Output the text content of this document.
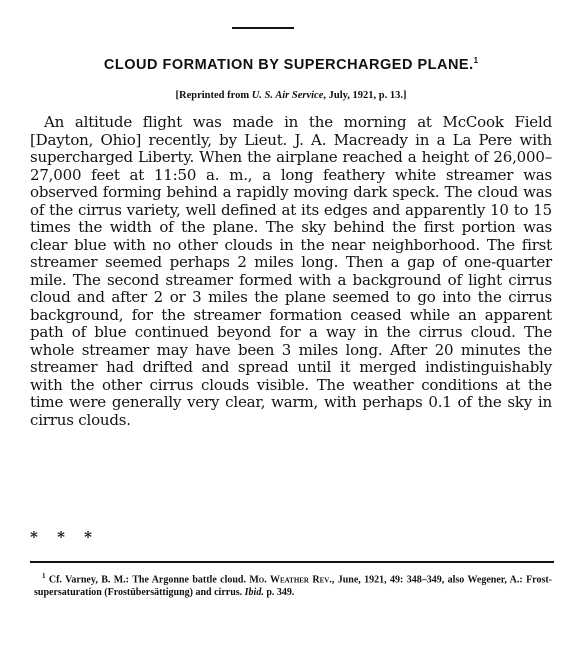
CLOUD FORMATION BY SUPERCHARGED PLANE.$^1$
[Reprinted from U. S. Air Service, July, 1921, p. 13.]

An altitude flight was made in the morning at McCook Field [Dayton, Ohio] recently, by Lieut. J. A. Macready in a La Pere with supercharged Liberty. When the airplane reached a height of 26,000–27,000 feet at 11:50 a. m., a long feathery white streamer was observed forming behind a rapidly moving dark speck. The cloud was of the cirrus variety, well defined at its edges and apparently 10 to 15 times the width of the plane. The sky behind the first portion was clear blue with no other clouds in the near neighborhood. The first streamer seemed perhaps 2 miles long. Then a gap of one-quarter mile. The second streamer formed with a background of light cirrus cloud and after 2 or 3 miles the plane seemed to go into the cirrus background, for the streamer formation ceased while an apparent path of blue continued beyond for a way in the cirrus cloud. The whole streamer may have been 3 miles long. After 20 minutes the streamer had drifted and spread until it merged indistinguishably with the other cirrus clouds visible. The weather conditions at the time were generally very clear, warm, with perhaps 0.1 of the sky in cirrus clouds.

* * *

$^1$ Cf. Varney, B. M.: The Argonne battle cloud. Mo. Weather Rev., June, 1921, 49: 348–349, also Wegener, A.: Frost-supersaturation (Frostübersättigung) and cirrus. Ibid. p. 349.
